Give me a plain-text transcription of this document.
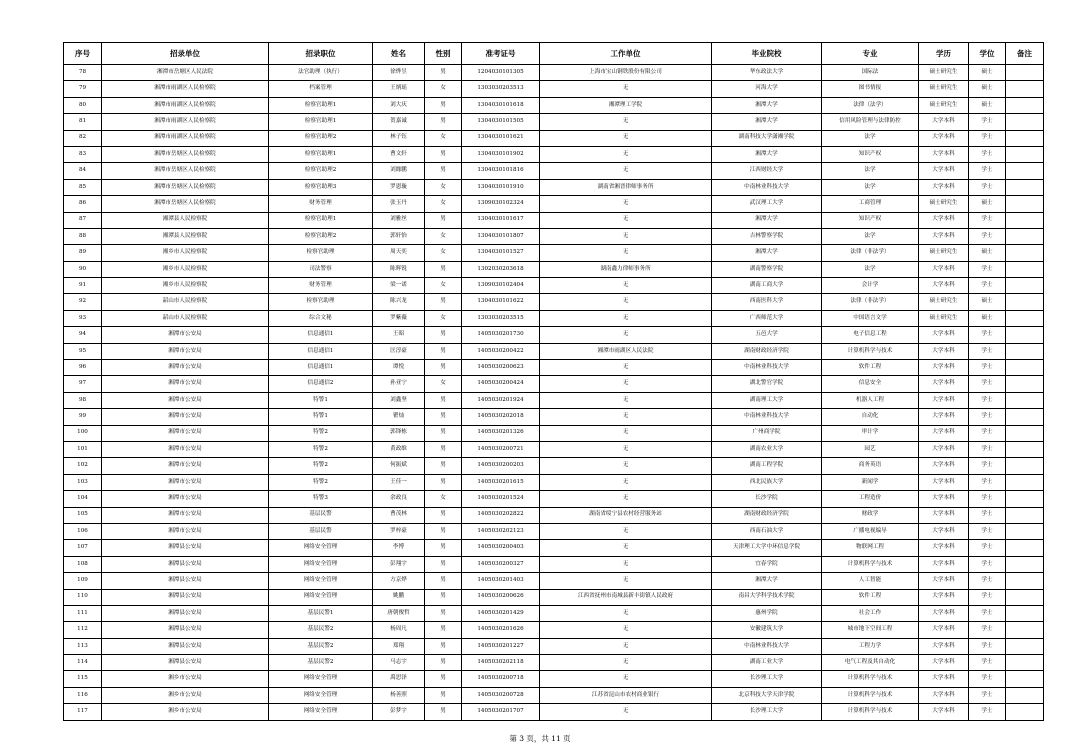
序号	招录单位	招录职位	姓名	性别	准考证号	工作单位	毕业院校	专业	学历	学位	备注
78	湘潭市岳塘区人民法院	法官助理（执行）	徐烨昱	男	1204030101305	上海市宝山钢铁股份有限公司	华东政法大学	国际法	硕士研究生	硕士	
79	湘潭市雨湖区人民检察院	档案管理	王炳瑶	女	1303030203513	无	河海大学	图书情报	硕士研究生	硕士	
80	湘潭市雨湖区人民检察院	检察官助理1	刘大庆	男	1304030101618	湘潭理工学院	湘潭大学	法律（法学）	硕士研究生	硕士	
81	湘潭市雨湖区人民检察院	检察官助理1	贺嘉诚	男	1304030101505	无	湘潭大学	信用风险管理与法律防控	大学本科	学士	
82	湘潭市雨湖区人民检察院	检察官助理2	林子钰	女	1304030101621	无	湖南科技大学潇湘学院	法学	大学本科	学士	
83	湘潭市岳塘区人民检察院	检察官助理1	曹文轩	男	1304030101902	无	湘潭大学	知识产权	大学本科	学士	
84	湘潭市岳塘区人民检察院	检察官助理2	刘緣鹏	男	1304030101816	无	江西财经大学	法学	大学本科	学士	
85	湘潭市岳塘区人民检察院	检察官助理3	罗恩璇	女	1304030101910	湖南省湘晋律师事务所	中南林业科技大学	法学	大学本科	学士	
86	湘潭市岳塘区人民检察院	财务管理	张玉丹	女	1309030102324	无	武汉理工大学	工商管理	硕士研究生	硕士	
87	湘潭县人民检察院	检察官助理1	刘雅丝	男	1304030101617	无	湘潭大学	知识产权	大学本科	学士	
88	湘潭县人民检察院	检察官助理2	郭轩怡	女	1304030101807	无	吉林警察学院	法学	大学本科	学士	
89	湘乡市人民检察院	检察官助理	周天奕	女	1304030101527	无	湘潭大学	法律（非法学）	硕士研究生	硕士	
90	湘乡市人民检察院	司法警察	陈辉锐	男	1302030203618	湖南鑫力律师事务所	湖南警察学院	法学	大学本科	学士	
91	湘乡市人民检察院	财务管理	梁一诺	女	1309030102404	无	湖南工商大学	会计学	大学本科	学士	
92	韶山市人民检察院	检察官助理	陈兴龙	男	1304030101622	无	西南医科大学	法律（非法学）	硕士研究生	硕士	
93	韶山市人民检察院	综合文秘	罗紫薇	女	1303030203515	无	广西师范大学	中国语言文学	硕士研究生	硕士	
94	湘潭市公安局	信息通信1	王昭	男	1405030201730	无	五邑大学	电子信息工程	大学本科	学士	
95	湘潭市公安局	信息通信1	匡淳豪	男	1405030200422	湘潭市雨湖区人民法院	湖南财政经济学院	计算机科学与技术	大学本科	学士	
96	湘潭市公安局	信息通信1	谭悦	男	1405030200623	无	中南林业科技大学	软件工程	大学本科	学士	
97	湘潭市公安局	信息通信2	孙亚宁	女	1405030200424	无	湖北警官学院	信息安全	大学本科	学士	
98	湘潭市公安局	特警1	刘鑫坚	男	1405030201924	无	湖南理工大学	机器人工程	大学本科	学士	
99	湘潭市公安局	特警1	瞿灿	男	1405030202018	无	中南林业科技大学	自动化	大学本科	学士	
100	湘潭市公安局	特警2	郭锋栋	男	1405030201326	无	广州商学院	审计学	大学本科	学士	
101	湘潭市公安局	特警2	黄政维	男	1405030200721	无	湖南农业大学	园艺	大学本科	学士	
102	湘潭市公安局	特警2	何振斌	男	1405030200203	无	湖南工程学院	商务英语	大学本科	学士	
103	湘潭市公安局	特警2	王佳一	男	1405030201615	无	西北民族大学	新闻学	大学本科	学士	
104	湘潭市公安局	特警3	余政良	女	1405030201524	无	长沙学院	工程造价	大学本科	学士	
105	湘潭市公安局	基层民警	曹茂林	男	1405030202822	湖南省绥宁县农村经营服务站	湖南财政经济学院	财政学	大学本科	学士	
106	湘潭市公安局	基层民警	罗梓豪	男	1405030202123	无	西南石油大学	广播电视编导	大学本科	学士	
107	湘潭县公安局	网络安全管理	李博	男	1405030200403	无	天津理工大学中环信息学院	物联网工程	大学本科	学士	
108	湘潭县公安局	网络安全管理	彭翔宇	男	1405030200327	无	宜春学院	计算机科学与技术	大学本科	学士	
109	湘潭县公安局	网络安全管理	方京烨	男	1405030201403	无	湘潭大学	人工智能	大学本科	学士	
110	湘潭县公安局	网络安全管理	姚鹏	男	1405030200626	江西省抚州市南城县新丰街镇人民政府	南昌大学科学技术学院	软件工程	大学本科	学士	
111	湘潭县公安局	基层民警1	唐朝俊哲	男	1405030201429	无	惠州学院	社会工作	大学本科	学士	
112	湘潭县公安局	基层民警2	杨周凡	男	1405030201626	无	安徽建筑大学	城市地下空间工程	大学本科	学士	
113	湘潭县公安局	基层民警2	郑翔	男	1405030201227	无	中南林业科技大学	工程力学	大学本科	学士	
114	湘潭县公安局	基层民警2	马志宇	男	1405030202118	无	湖南工业大学	电气工程及其自动化	大学本科	学士	
115	湘乡市公安局	网络安全管理	禹思泽	男	1405030200718	无	长沙理工大学	计算机科学与技术	大学本科	学士	
116	湘乡市公安局	网络安全管理	杨善照	男	1405030200728	江苏省昆山市农村商业银行	北京科技大学天津学院	计算机科学与技术	大学本科	学士	
117	湘乡市公安局	网络安全管理	彭梦宇	男	1405030201707	无	长沙理工大学	计算机科学与技术	大学本科	学士	
第 3 页，共 11 页
